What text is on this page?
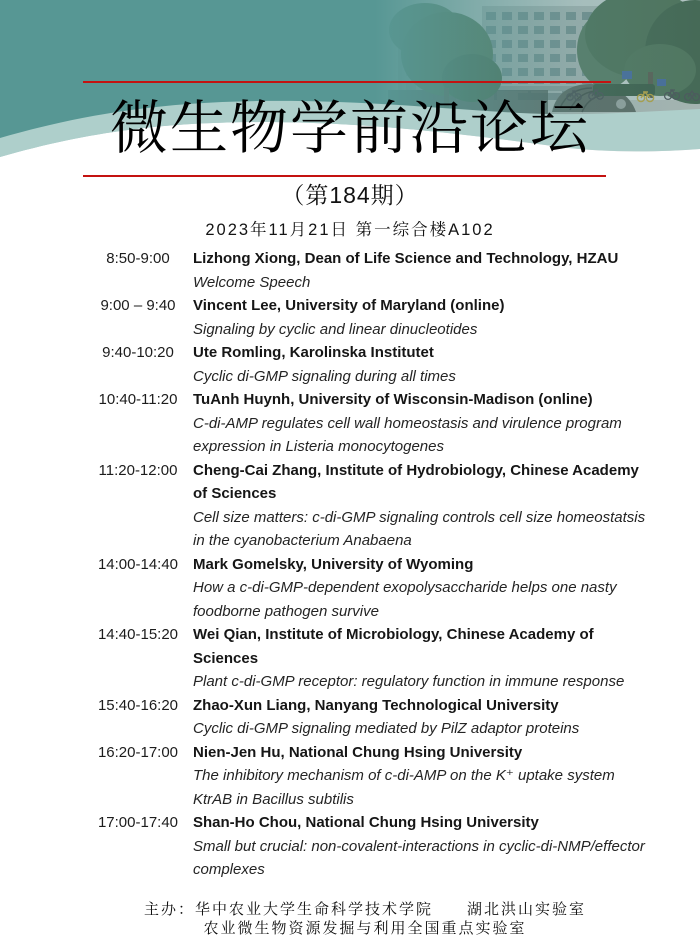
微生物学前沿论坛
（第184期）
2023年11月21日 第一综合楼A102
8:50-9:00	Lizhong Xiong, Dean of Life Science and Technology, HZAU
Welcome Speech
9:00 – 9:40	Vincent Lee, University of Maryland (online)
Signaling by cyclic and linear dinucleotides
9:40-10:20	Ute Romling, Karolinska Institutet
Cyclic di-GMP signaling during all times
10:40-11:20	TuAnh Huynh, University of Wisconsin-Madison (online)
C-di-AMP regulates cell wall homeostasis and virulence program expression in Listeria monocytogenes
11:20-12:00	Cheng-Cai Zhang, Institute of Hydrobiology, Chinese Academy of Sciences
Cell size matters: c-di-GMP signaling controls cell size homeostatsis in the cyanobacterium Anabaena
14:00-14:40 Mark Gomelsky, University of Wyoming
How a c-di-GMP-dependent exopolysaccharide helps one nasty foodborne pathogen survive
14:40-15:20 Wei Qian, Institute of Microbiology, Chinese Academy of Sciences
Plant c-di-GMP receptor: regulatory function in immune response
15:40-16:20 Zhao-Xun Liang, Nanyang Technological University
Cyclic di-GMP signaling mediated by PilZ adaptor proteins
16:20-17:00 Nien-Jen Hu, National Chung Hsing University
The inhibitory mechanism of c-di-AMP on the K⁺ uptake system KtrAB in Bacillus subtilis
17:00-17:40 Shan-Ho Chou, National Chung Hsing University
Small but crucial: non-covalent-interactions in cyclic-di-NMP/effector complexes
主办：华中农业大学生命科学技术学院　　湖北洪山实验室
农业微生物资源发掘与利用全国重点实验室
